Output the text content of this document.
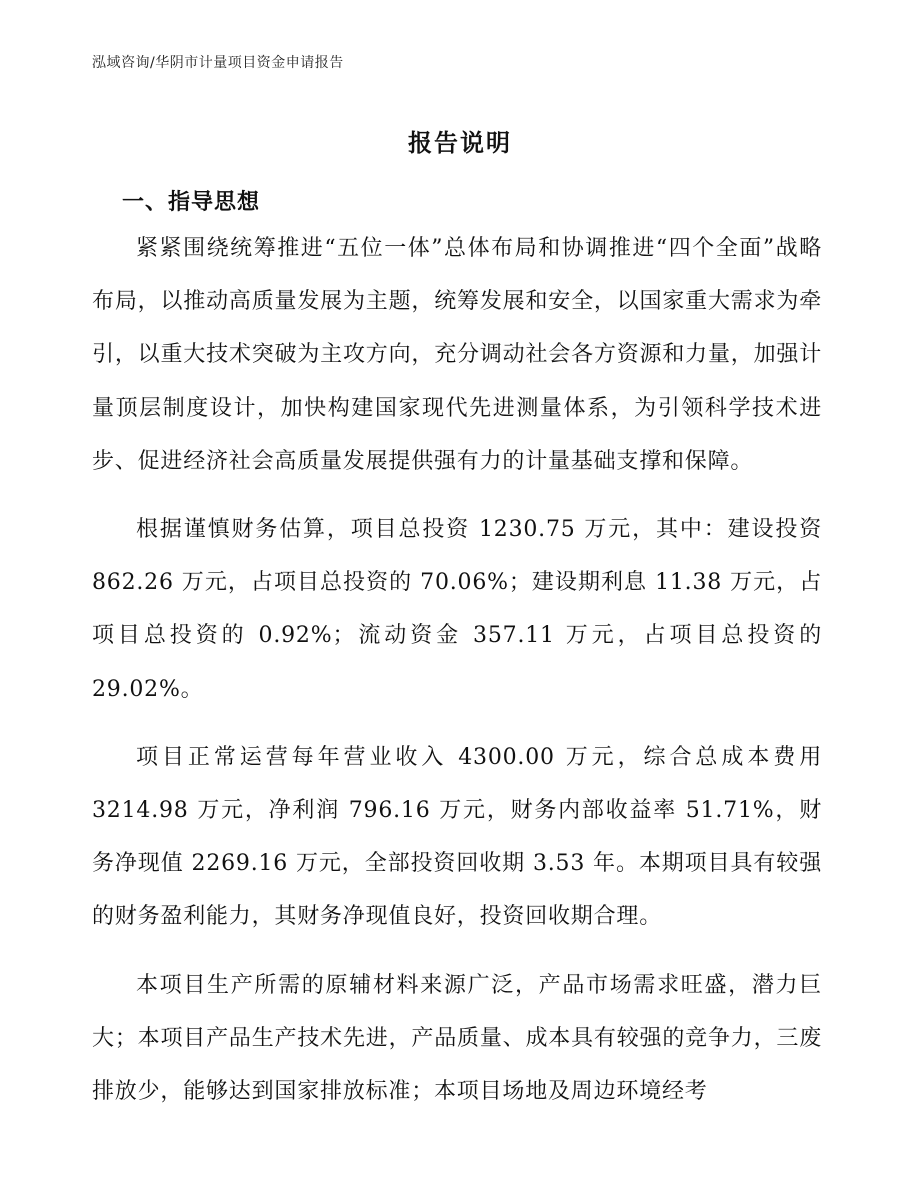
泓域咨询/华阴市计量项目资金申请报告
报告说明
一、指导思想

紧紧围绕统筹推进“五位一体”总体布局和协调推进“四个全面”战略布局，以推动高质量发展为主题，统筹发展和安全，以国家重大需求为牵引，以重大技术突破为主攻方向，充分调动社会各方资源和力量，加强计量顶层制度设计，加快构建国家现代先进测量体系，为引领科学技术进步、促进经济社会高质量发展提供强有力的计量基础支撑和保障。

根据谨慎财务估算，项目总投资 1230.75 万元，其中：建设投资 862.26 万元，占项目总投资的 70.06%；建设期利息 11.38 万元，占项目总投资的 0.92%；流动资金 357.11 万元，占项目总投资的 29.02%。

项目正常运营每年营业收入 4300.00 万元，综合总成本费用 3214.98 万元，净利润 796.16 万元，财务内部收益率 51.71%，财务净现值 2269.16 万元，全部投资回收期 3.53 年。本期项目具有较强的财务盈利能力，其财务净现值良好，投资回收期合理。

本项目生产所需的原辅材料来源广泛，产品市场需求旺盛，潜力巨大；本项目产品生产技术先进，产品质量、成本具有较强的竞争力，三废排放少，能够达到国家排放标准；本项目场地及周边环境经考
